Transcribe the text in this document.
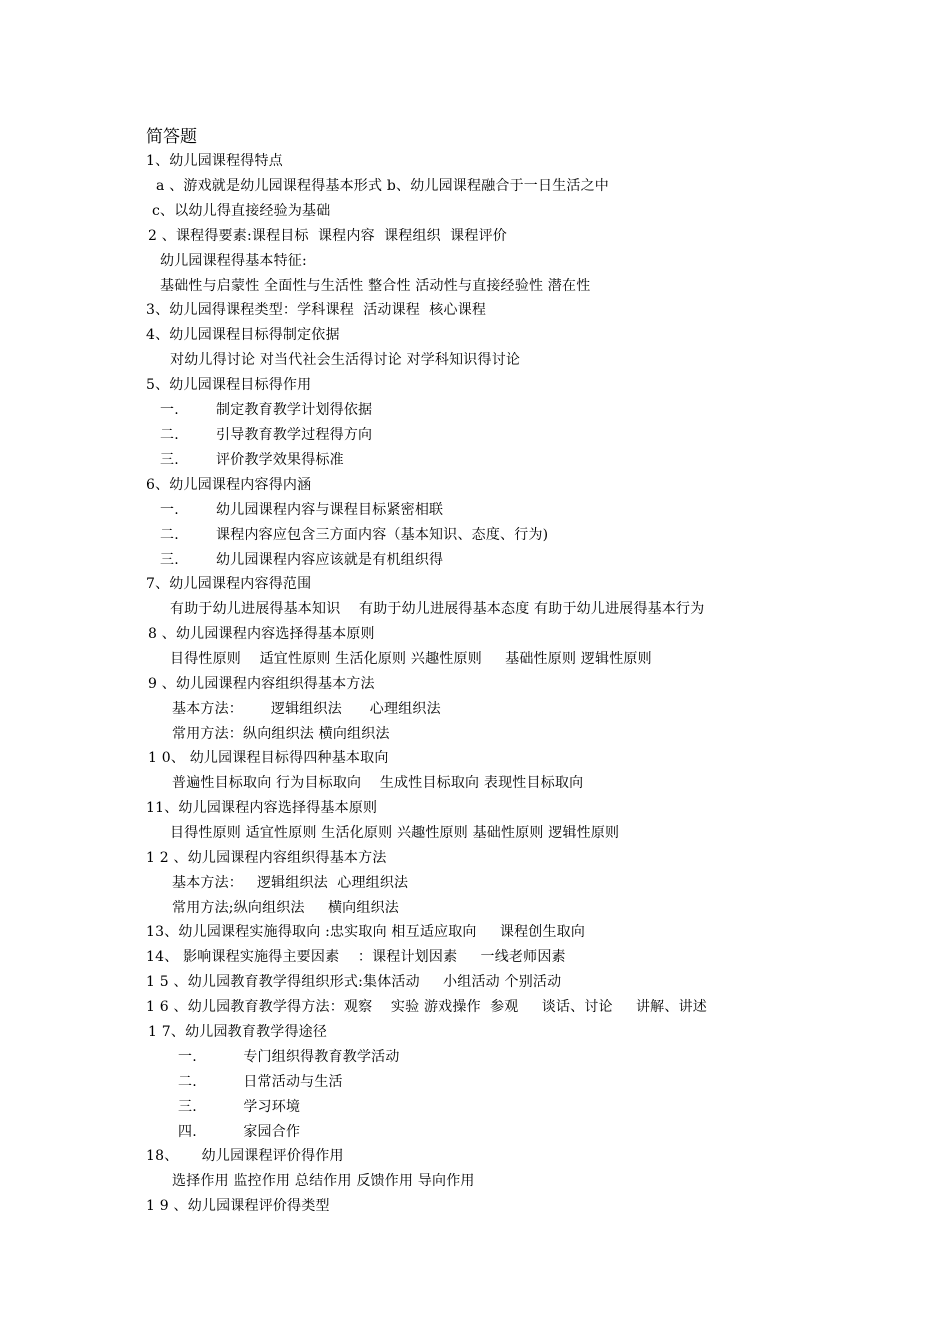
简答题
1、幼儿园课程得特点
a 、游戏就是幼儿园课程得基本形式 b、幼儿园课程融合于一日生活之中
c、以幼儿得直接经验为基础
2 、课程得要素:课程目标  课程内容  课程组织  课程评价
幼儿园课程得基本特征:
基础性与启蒙性 全面性与生活性 整合性 活动性与直接经验性 潜在性
3、幼儿园得课程类型：学科课程  活动课程  核心课程
4、幼儿园课程目标得制定依据
对幼儿得讨论 对当代社会生活得讨论 对学科知识得讨论
5、幼儿园课程目标得作用
一.        制定教育教学计划得依据
二.        引导教育教学过程得方向
三.        评价教学效果得标准
6、幼儿园课程内容得内涵
一.        幼儿园课程内容与课程目标紧密相联
二.        课程内容应包含三方面内容（基本知识、态度、行为)
三.        幼儿园课程内容应该就是有机组织得
7、幼儿园课程内容得范围
有助于幼儿进展得基本知识    有助于幼儿进展得基本态度 有助于幼儿进展得基本行为
8 、幼儿园课程内容选择得基本原则
目得性原则    适宜性原则 生活化原则 兴趣性原则     基础性原则 逻辑性原则
9 、幼儿园课程内容组织得基本方法
基本方法：      逻辑组织法      心理组织法
常用方法：纵向组织法 横向组织法
1 0、 幼儿园课程目标得四种基本取向
普遍性目标取向 行为目标取向    生成性目标取向 表现性目标取向
11、幼儿园课程内容选择得基本原则
目得性原则 适宜性原则 生活化原则 兴趣性原则 基础性原则 逻辑性原则
1 2 、幼儿园课程内容组织得基本方法
基本方法：   逻辑组织法  心理组织法
常用方法;纵向组织法     横向组织法
13、幼儿园课程实施得取向 :忠实取向 相互适应取向     课程创生取向
14、 影响课程实施得主要因素    ：课程计划因素     一线老师因素
1 5 、幼儿园教育教学得组织形式:集体活动     小组活动 个别活动
1 6 、幼儿园教育教学得方法：观察    实验 游戏操作  参观     谈话、讨论     讲解、讲述
1 7、幼儿园教育教学得途径
一.          专门组织得教育教学活动
二.          日常活动与生活
三.          学习环境
四.          家园合作
18、     幼儿园课程评价得作用
选择作用 监控作用 总结作用 反馈作用 导向作用
1 9 、幼儿园课程评价得类型
